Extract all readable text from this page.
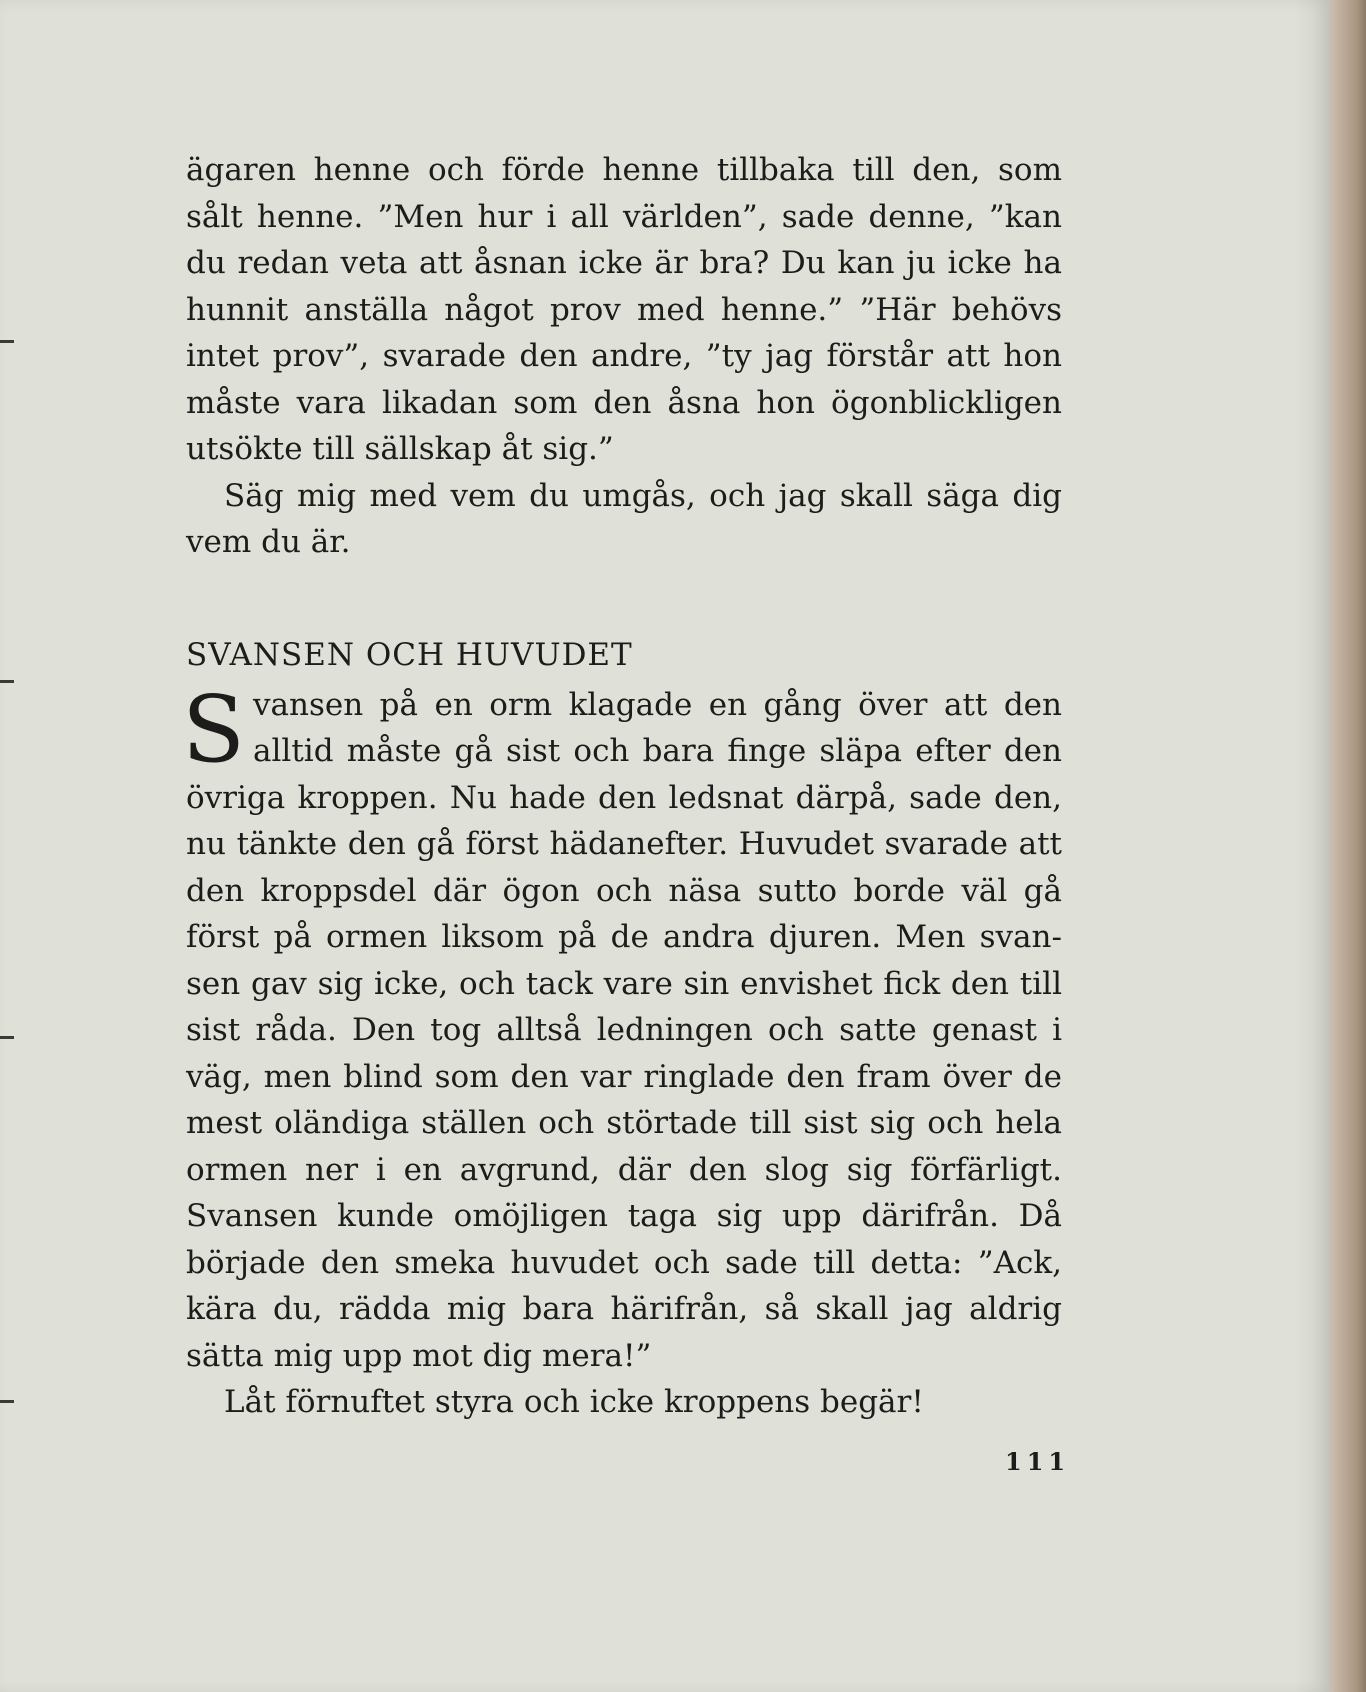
ägaren henne och förde henne tillbaka till den, som sålt henne. ”Men hur i all världen”, sade denne, ”kan du redan veta att åsnan icke är bra? Du kan ju icke ha hunnit anställa något prov med henne.” ”Här behövs intet prov”, svarade den andre, ”ty jag förstår att hon måste vara likadan som den åsna hon ögonblickligen utsökte till sällskap åt sig.”

Säg mig med vem du umgås, och jag skall säga dig vem du är.

SVANSEN OCH HUVUDET

Svansen på en orm klagade en gång över att den alltid måste gå sist och bara finge släpa efter den övriga kroppen. Nu hade den ledsnat därpå, sade den, nu tänkte den gå först hädanefter. Huvudet svarade att den kroppsdel där ögon och näsa sutto borde väl gå först på ormen liksom på de andra djuren. Men svansen gav sig icke, och tack vare sin envishet fick den till sist råda. Den tog alltså ledningen och satte genast i väg, men blind som den var ringlade den fram över de mest oländiga ställen och störtade till sist sig och hela ormen ner i en avgrund, där den slog sig förfärligt. Svansen kunde omöjligen taga sig upp därifrån. Då började den smeka huvudet och sade till detta: ”Ack, kära du, rädda mig bara härifrån, så skall jag aldrig sätta mig upp mot dig mera!”

Låt förnuftet styra och icke kroppens begär!

111
